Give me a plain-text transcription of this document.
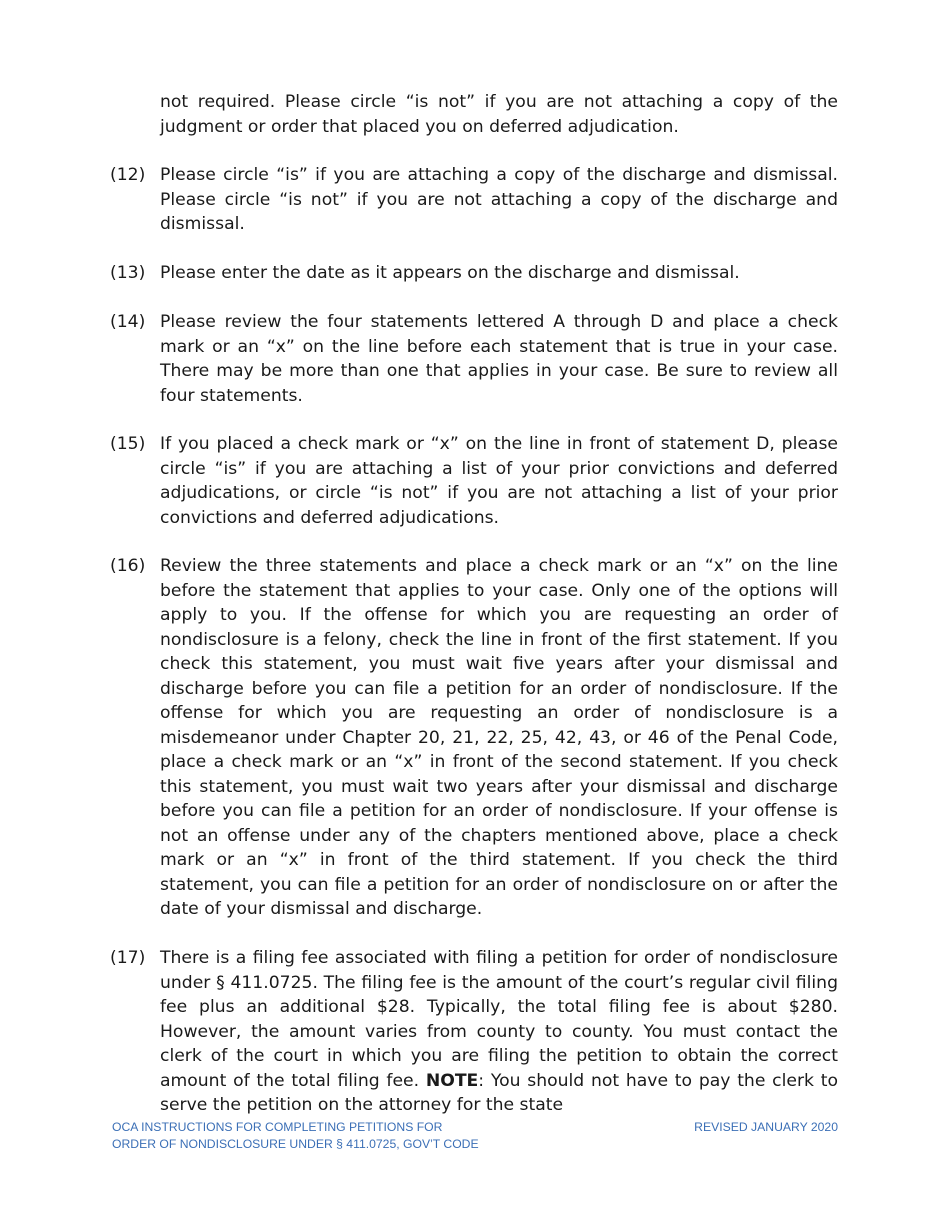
not required. Please circle “is not” if you are not attaching a copy of the judgment or order that placed you on deferred adjudication.

(12) Please circle “is” if you are attaching a copy of the discharge and dismissal. Please circle “is not” if you are not attaching a copy of the discharge and dismissal.
(13) Please enter the date as it appears on the discharge and dismissal.
(14) Please review the four statements lettered A through D and place a check mark or an “x” on the line before each statement that is true in your case. There may be more than one that applies in your case. Be sure to review all four statements.
(15) If you placed a check mark or “x” on the line in front of statement D, please circle “is” if you are attaching a list of your prior convictions and deferred adjudications, or circle “is not” if you are not attaching a list of your prior convictions and deferred adjudications.
(16) Review the three statements and place a check mark or an “x” on the line before the statement that applies to your case. Only one of the options will apply to you. If the offense for which you are requesting an order of nondisclosure is a felony, check the line in front of the first statement. If you check this statement, you must wait five years after your dismissal and discharge before you can file a petition for an order of nondisclosure. If the offense for which you are requesting an order of nondisclosure is a misdemeanor under Chapter 20, 21, 22, 25, 42, 43, or 46 of the Penal Code, place a check mark or an “x” in front of the second statement. If you check this statement, you must wait two years after your dismissal and discharge before you can file a petition for an order of nondisclosure. If your offense is not an offense under any of the chapters mentioned above, place a check mark or an “x” in front of the third statement. If you check the third statement, you can file a petition for an order of nondisclosure on or after the date of your dismissal and discharge.
(17) There is a filing fee associated with filing a petition for order of nondisclosure under § 411.0725. The filing fee is the amount of the court’s regular civil filing fee plus an additional $28. Typically, the total filing fee is about $280. However, the amount varies from county to county. You must contact the clerk of the court in which you are filing the petition to obtain the correct amount of the total filing fee. NOTE: You should not have to pay the clerk to serve the petition on the attorney for the state
OCA INSTRUCTIONS FOR COMPLETING PETITIONS FOR
ORDER OF NONDISCLOSURE UNDER § 411.0725, GOV’T CODE
REVISED JANUARY 2020
